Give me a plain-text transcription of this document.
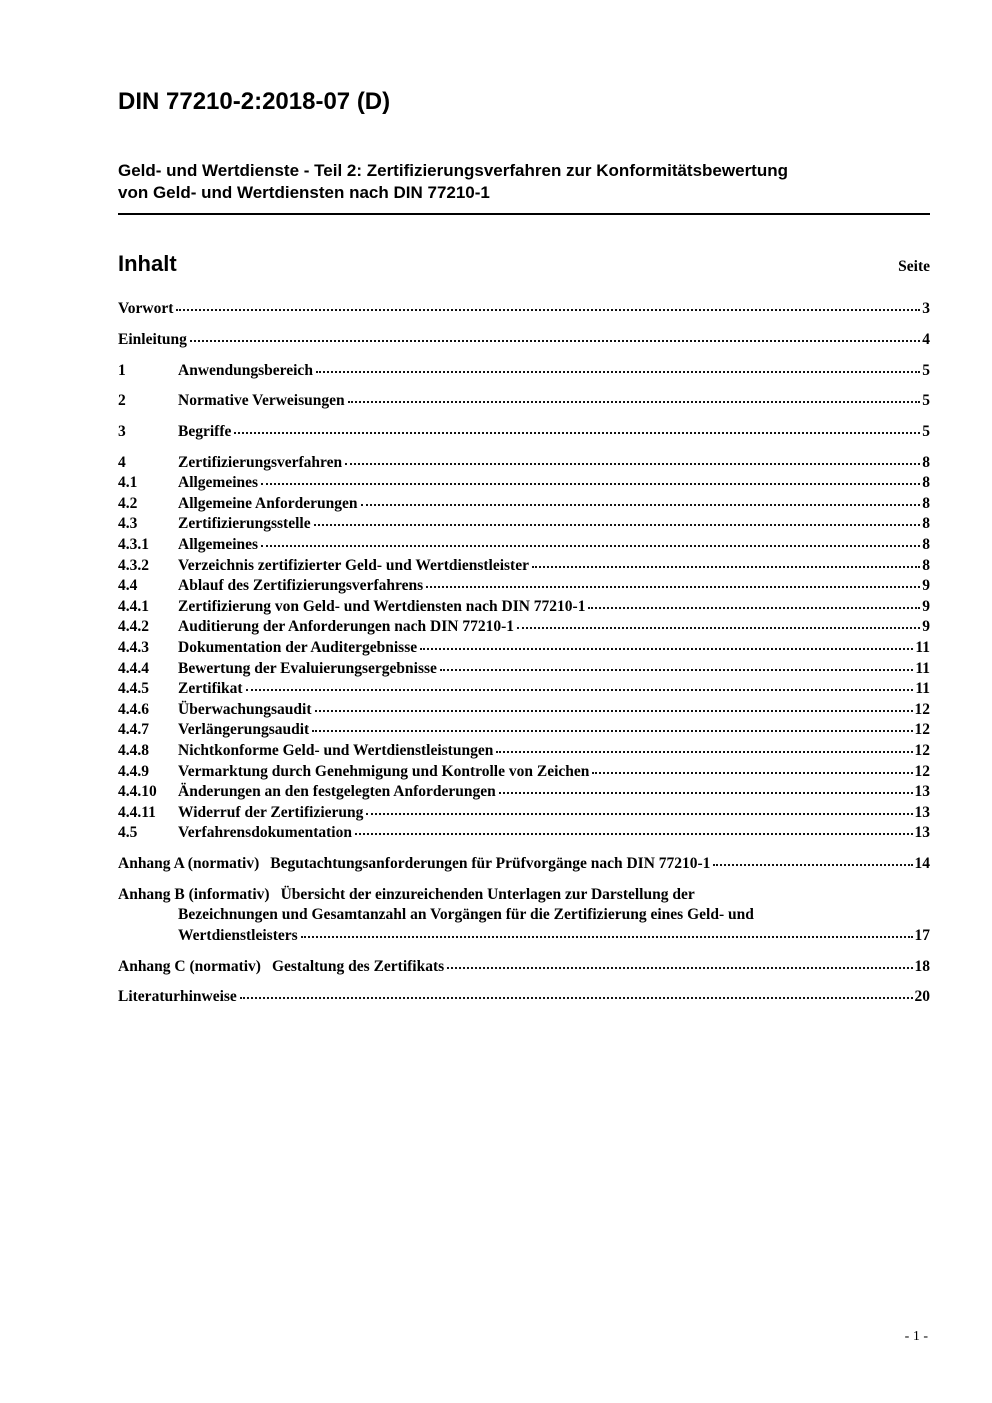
DIN 77210-2:2018-07 (D)
Geld- und Wertdienste - Teil 2: Zertifizierungsverfahren zur Konformitätsbewertung
von Geld- und Wertdiensten nach DIN 77210-1
Inhalt	Seite
Vorwort	3
Einleitung	4
1	Anwendungsbereich	5
2	Normative Verweisungen	5
3	Begriffe	5
4	Zertifizierungsverfahren	8
4.1	Allgemeines	8
4.2	Allgemeine Anforderungen	8
4.3	Zertifizierungsstelle	8
4.3.1	Allgemeines	8
4.3.2	Verzeichnis zertifizierter Geld- und Wertdienstleister	8
4.4	Ablauf des Zertifizierungsverfahrens	9
4.4.1	Zertifizierung von Geld- und Wertdiensten nach DIN 77210-1	9
4.4.2	Auditierung der Anforderungen nach DIN 77210-1	9
4.4.3	Dokumentation der Auditergebnisse	11
4.4.4	Bewertung der Evaluierungsergebnisse	11
4.4.5	Zertifikat	11
4.4.6	Überwachungsaudit	12
4.4.7	Verlängerungsaudit	12
4.4.8	Nichtkonforme Geld- und Wertdienstleistungen	12
4.4.9	Vermarktung durch Genehmigung und Kontrolle von Zeichen	12
4.4.10	Änderungen an den festgelegten Anforderungen	13
4.4.11	Widerruf der Zertifizierung	13
4.5	Verfahrensdokumentation	13
Anhang A (normativ) Begutachtungsanforderungen für Prüfvorgänge nach DIN 77210-1	14
Anhang B (informativ) Übersicht der einzureichenden Unterlagen zur Darstellung der
Bezeichnungen und Gesamtanzahl an Vorgängen für die Zertifizierung eines Geld- und
Wertdienstleisters	17
Anhang C (normativ) Gestaltung des Zertifikats	18
Literaturhinweise	20
- 1 -
